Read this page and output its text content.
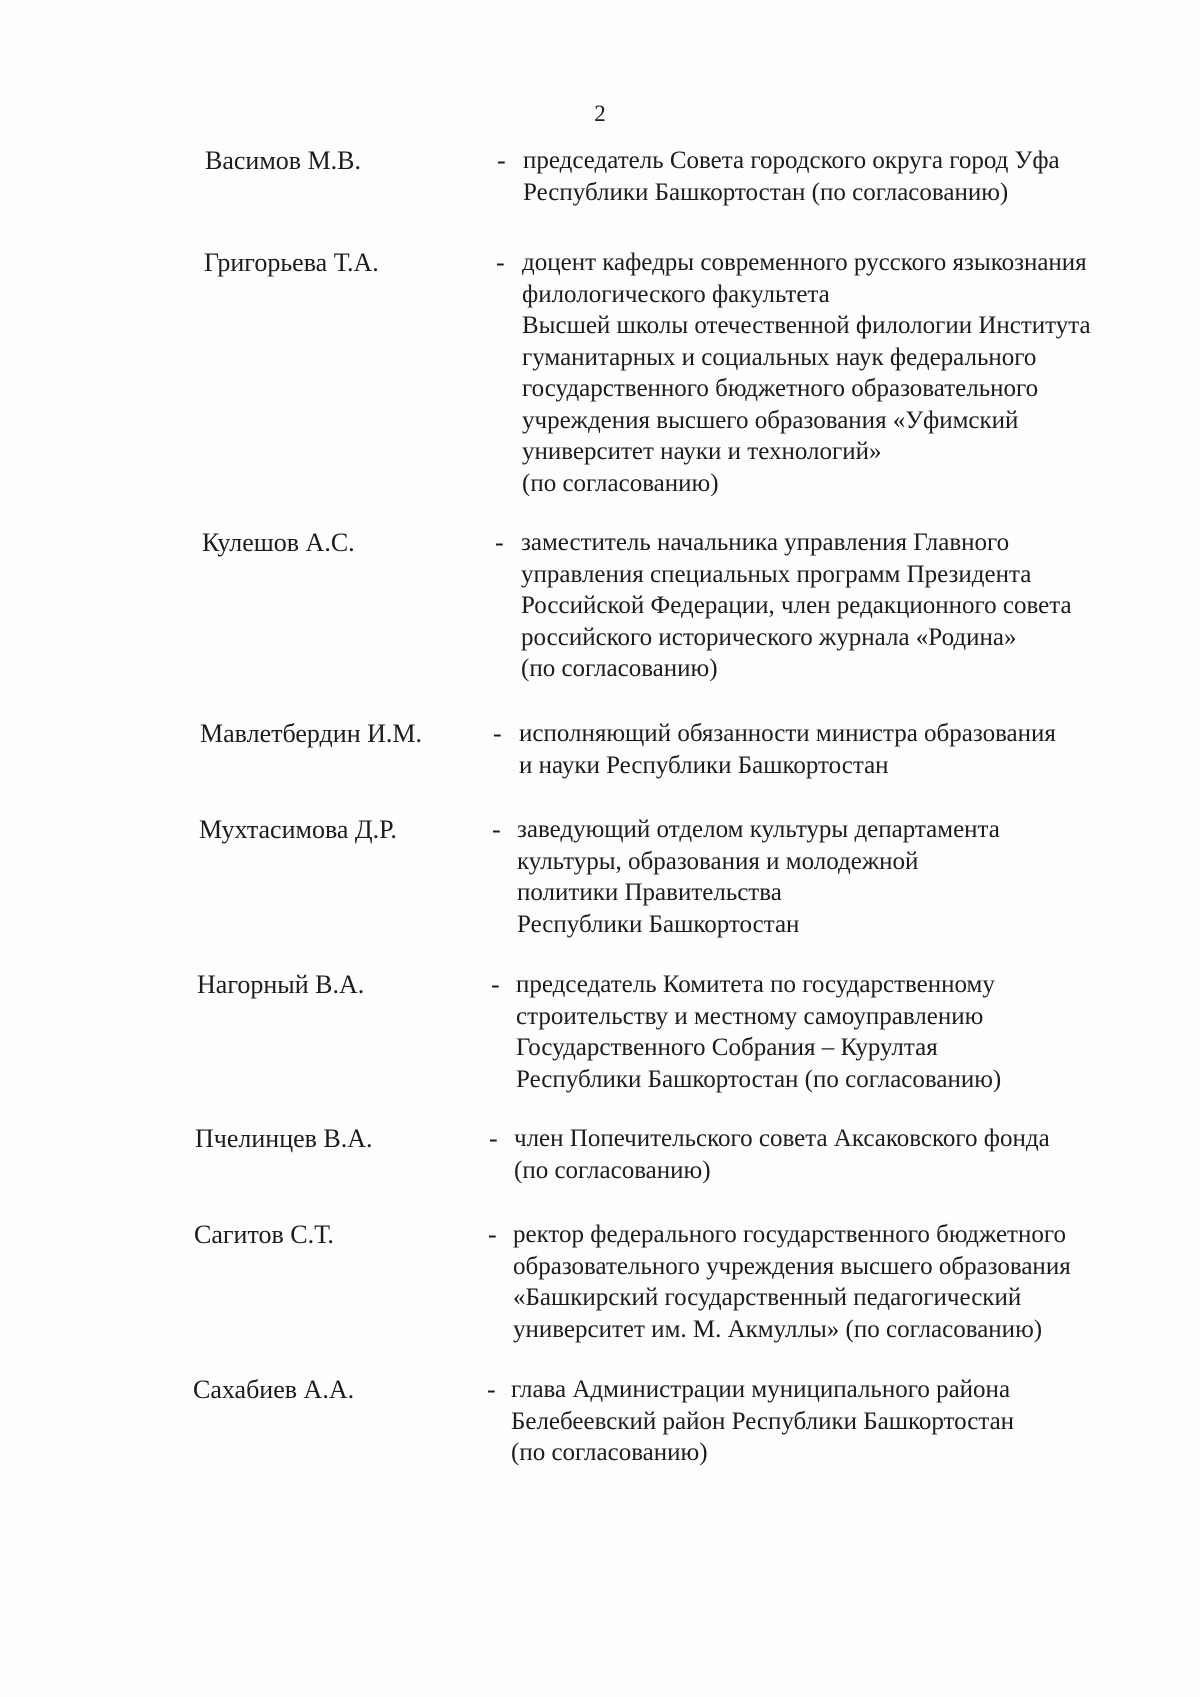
2
Васимов М.В.	- председатель Совета городского округа город Уфа
Республики Башкортостан (по согласованию)
Григорьева Т.А.	- доцент кафедры современного русского языкознания
филологического факультета
Высшей школы отечественной филологии Института
гуманитарных и социальных наук федерального
государственного бюджетного образовательного
учреждения высшего образования «Уфимский
университет науки и технологий»
(по согласованию)
Кулешов А.С.	- заместитель начальника управления Главного
управления специальных программ Президента
Российской Федерации, член редакционного совета
российского исторического журнала «Родина»
(по согласованию)
Мавлетбердин И.М.	- исполняющий обязанности министра образования
и науки Республики Башкортостан
Мухтасимова Д.Р.	- заведующий отделом культуры департамента
культуры, образования и молодежной
политики Правительства
Республики Башкортостан
Нагорный В.А.	- председатель Комитета по государственному
строительству и местному самоуправлению
Государственного Собрания – Курултая
Республики Башкортостан (по согласованию)
Пчелинцев В.А.	- член Попечительского совета Аксаковского фонда
(по согласованию)
Сагитов С.Т.	- ректор федерального государственного бюджетного
образовательного учреждения высшего образования
«Башкирский государственный педагогический
университет им. М. Акмуллы» (по согласованию)
Сахабиев А.А.	- глава Администрации муниципального района
Белебеевский район Республики Башкортостан
(по согласованию)
